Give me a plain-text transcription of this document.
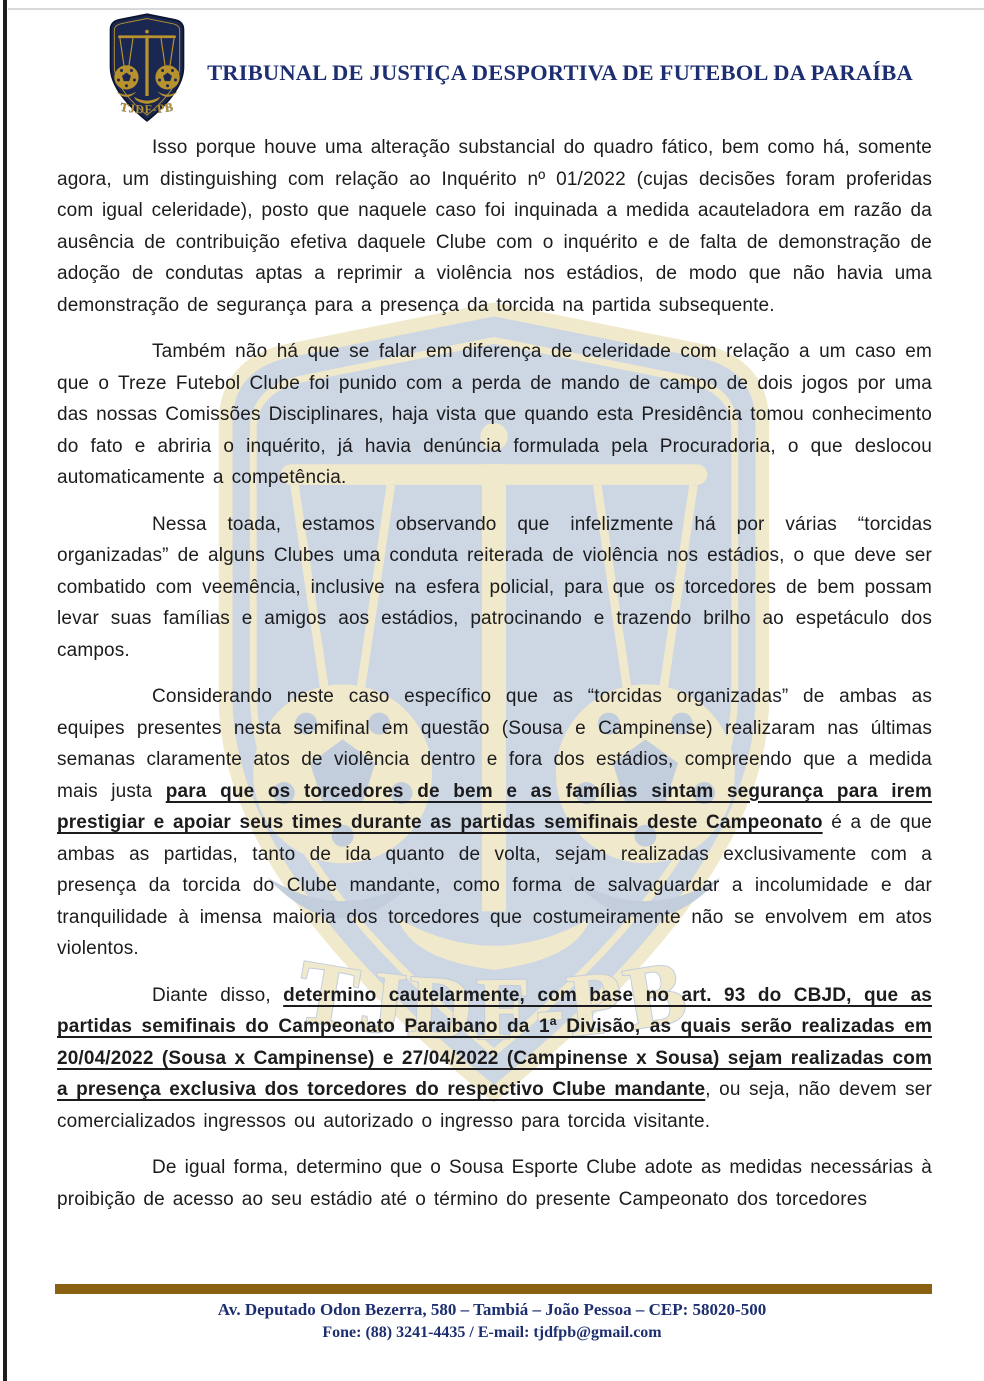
TJDF-PB
TJDF-PB
TRIBUNAL DE JUSTIÇA DESPORTIVA DE FUTEBOL DA PARAÍBA

Isso porque houve uma alteração substancial do quadro fático, bem como há, somente agora, um distinguishing com relação ao Inquérito nº 01/2022 (cujas decisões foram proferidas com igual celeridade), posto que naquele caso foi inquinada a medida acauteladora em razão da ausência de contribuição efetiva daquele Clube com o inquérito e de falta de demonstração de adoção de condutas aptas a reprimir a violência nos estádios, de modo que não havia uma demonstração de segurança para a presença da torcida na partida subsequente.

Também não há que se falar em diferença de celeridade com relação a um caso em que o Treze Futebol Clube foi punido com a perda de mando de campo de dois jogos por uma das nossas Comissões Disciplinares, haja vista que quando esta Presidência tomou conhecimento do fato e abriria o inquérito, já havia denúncia formulada pela Procuradoria, o que deslocou automaticamente a competência.

Nessa toada, estamos observando que infelizmente há por várias “torcidas organizadas” de alguns Clubes uma conduta reiterada de violência nos estádios, o que deve ser combatido com veemência, inclusive na esfera policial, para que os torcedores de bem possam levar suas famílias e amigos aos estádios, patrocinando e trazendo brilho ao espetáculo dos campos.

Considerando neste caso específico que as “torcidas organizadas” de ambas as equipes presentes nesta semifinal em questão (Sousa e Campinense) realizaram nas últimas semanas claramente atos de violência dentro e fora dos estádios, compreendo que a medida mais justa para que os torcedores de bem e as famílias sintam segurança para irem prestigiar e apoiar seus times durante as partidas semifinais deste Campeonato é a de que ambas as partidas, tanto de ida quanto de volta, sejam realizadas exclusivamente com a presença da torcida do Clube mandante, como forma de salvaguardar a incolumidade e dar tranquilidade à imensa maioria dos torcedores que costumeiramente não se envolvem em atos violentos.

Diante disso, determino cautelarmente, com base no art. 93 do CBJD, que as partidas semifinais do Campeonato Paraibano da 1ª Divisão, as quais serão realizadas em 20/04/2022 (Sousa x Campinense) e 27/04/2022 (Campinense x Sousa) sejam realizadas com a presença exclusiva dos torcedores do respectivo Clube mandante, ou seja, não devem ser comercializados ingressos ou autorizado o ingresso para torcida visitante.

De igual forma, determino que o Sousa Esporte Clube adote as medidas necessárias à proibição de acesso ao seu estádio até o término do presente Campeonato dos torcedores

Av. Deputado Odon Bezerra, 580 – Tambiá – João Pessoa – CEP: 58020-500
Fone: (88) 3241-4435 / E-mail: tjdfpb@gmail.com
